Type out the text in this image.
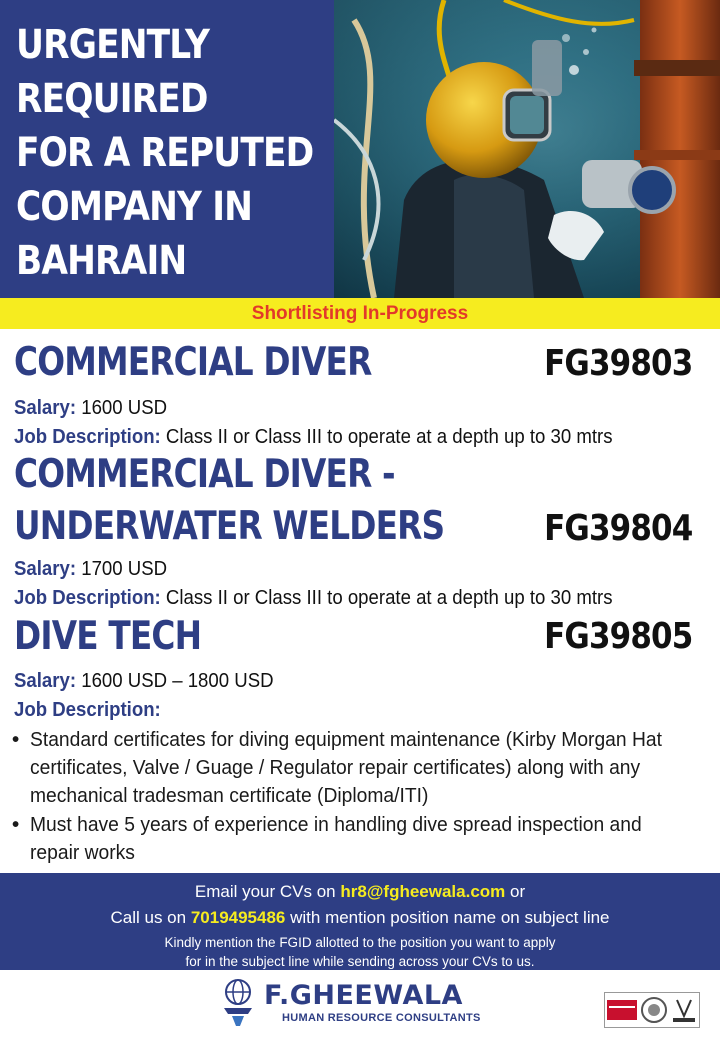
URGENTLY
REQUIRED
FOR A REPUTED
COMPANY IN
BAHRAIN
Shortlisting In-Progress
COMMERCIAL DIVER	FG39803
Salary: 1600 USD
Job Description: Class II or Class III to operate at a depth up to 30 mtrs
COMMERCIAL DIVER -
UNDERWATER WELDERS	FG39804
Salary: 1700 USD
Job Description: Class II or Class III to operate at a depth up to 30 mtrs
DIVE TECH	FG39805
Salary: 1600 USD – 1800 USD
Job Description:
• Standard certificates for diving equipment maintenance (Kirby Morgan Hat certificates, Valve / Guage / Regulator repair certificates) along with any mechanical tradesman certificate (Diploma/ITI)
• Must have 5 years of experience in handling dive spread inspection and repair works
Email your CVs on hr8@fgheewala.com or
Call us on 7019495486 with mention position name on subject line
Kindly mention the FGID allotted to the position you want to apply
for in the subject line while sending across your CVs to us.
F.GHEEWALA
HUMAN RESOURCE CONSULTANTS
